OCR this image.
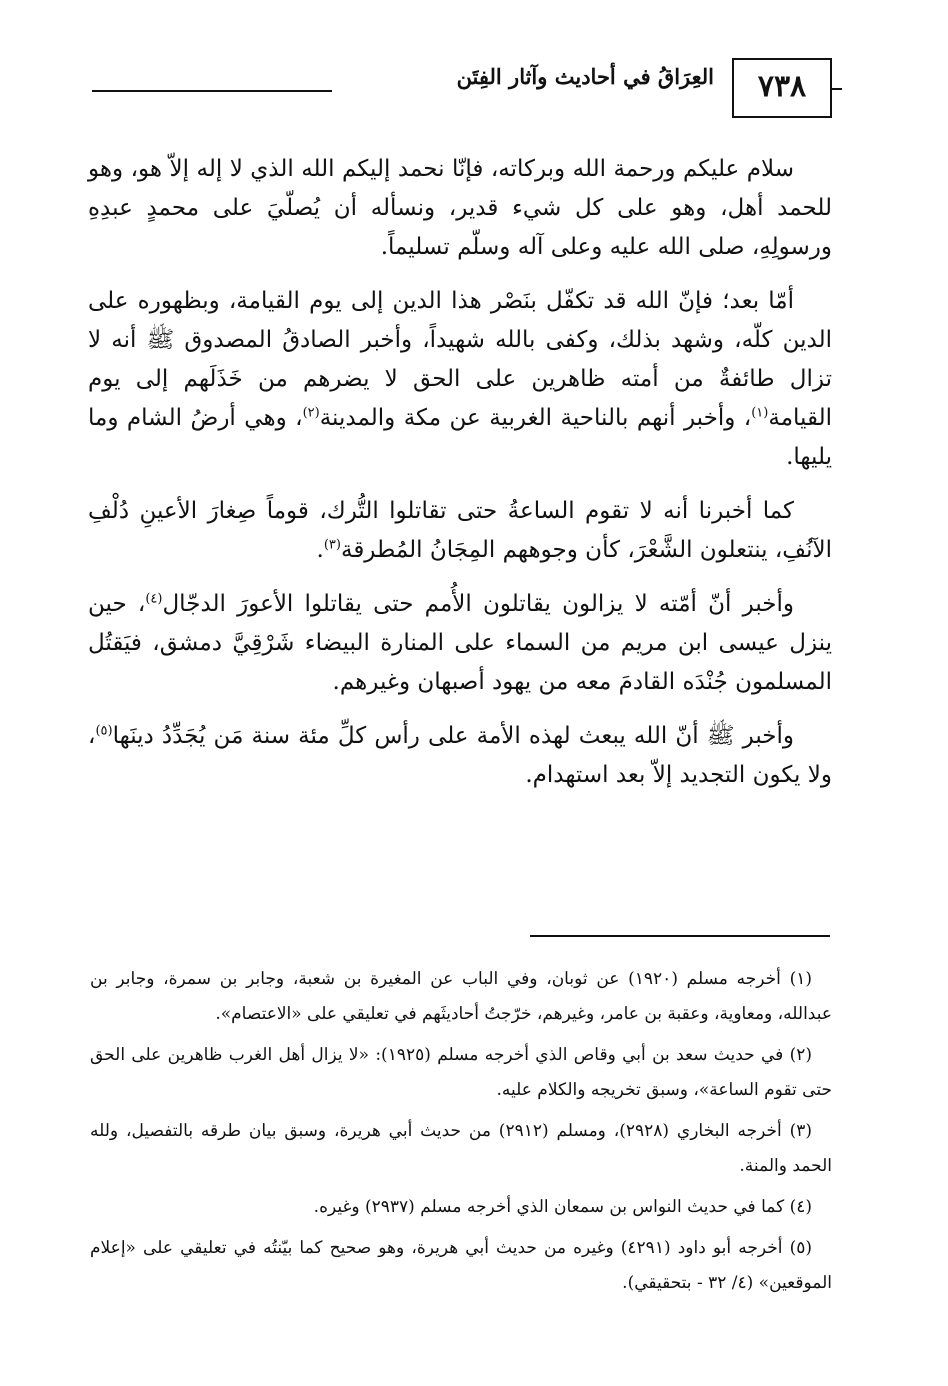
العِرَاقُ في أحاديث وآثار الفِتَن	٧٣٨

سلام عليكم ورحمة الله وبركاته، فإنّا نحمد إليكم الله الذي لا إله إلاّ هو، وهو للحمد أهل، وهو على كل شيء قدير، ونسأله أن يُصلّيَ على محمدٍ عبدِهِ ورسولِهِ، صلى الله عليه وعلى آله وسلّم تسليماً.

أمّا بعد؛ فإنّ الله قد تكفّل بنَصْر هذا الدين إلى يوم القيامة، وبظهوره على الدين كلّه، وشهد بذلك، وكفى بالله شهيداً، وأخبر الصادقُ المصدوق ﷺ أنه لا تزال طائفةٌ من أمته ظاهرين على الحق لا يضرهم من خَذَلَهم إلى يوم القيامة$^{(١)}$، وأخبر أنهم بالناحية الغربية عن مكة والمدينة$^{(٢)}$، وهي أرضُ الشام وما يليها.

كما أخبرنا أنه لا تقوم الساعةُ حتى تقاتلوا التُّرك، قوماً صِغارَ الأعينِ دُلْفِ الآنُفِ، ينتعلون الشَّعْرَ، كأن وجوههم المِجَانُ المُطرقة$^{(٣)}$.

وأخبر أنّ أمّته لا يزالون يقاتلون الأُمم حتى يقاتلوا الأعورَ الدجّال$^{(٤)}$، حين ينزل عيسى ابن مريم من السماء على المنارة البيضاء شَرْقِيَّ دمشق، فيَقتُل المسلمون جُنْدَه القادمَ معه من يهود أصبهان وغيرهم.

وأخبر ﷺ أنّ الله يبعث لهذه الأمة على رأس كلِّ مئة سنة مَن يُجَدِّدُ دينَها$^{(٥)}$، ولا يكون التجديد إلاّ بعد استهدام.

(١) أخرجه مسلم (١٩٢٠) عن ثوبان، وفي الباب عن المغيرة بن شعبة، وجابر بن سمرة، وجابر بن عبدالله، ومعاوية، وعقبة بن عامر، وغيرهم، خرّجتُ أحاديثَهم في تعليقي على «الاعتصام».

(٢) في حديث سعد بن أبي وقاص الذي أخرجه مسلم (١٩٢٥): «لا يزال أهل الغرب ظاهرين على الحق حتى تقوم الساعة»، وسبق تخريجه والكلام عليه.

(٣) أخرجه البخاري (٢٩٢٨)، ومسلم (٢٩١٢) من حديث أبي هريرة، وسبق بيان طرقه بالتفصيل، ولله الحمد والمنة.

(٤) كما في حديث النواس بن سمعان الذي أخرجه مسلم (٢٩٣٧) وغيره.

(٥) أخرجه أبو داود (٤٢٩١) وغيره من حديث أبي هريرة، وهو صحيح كما بيّنتُه في تعليقي على «إعلام الموقعين» (٤/ ٣٢ - بتحقيقي).
